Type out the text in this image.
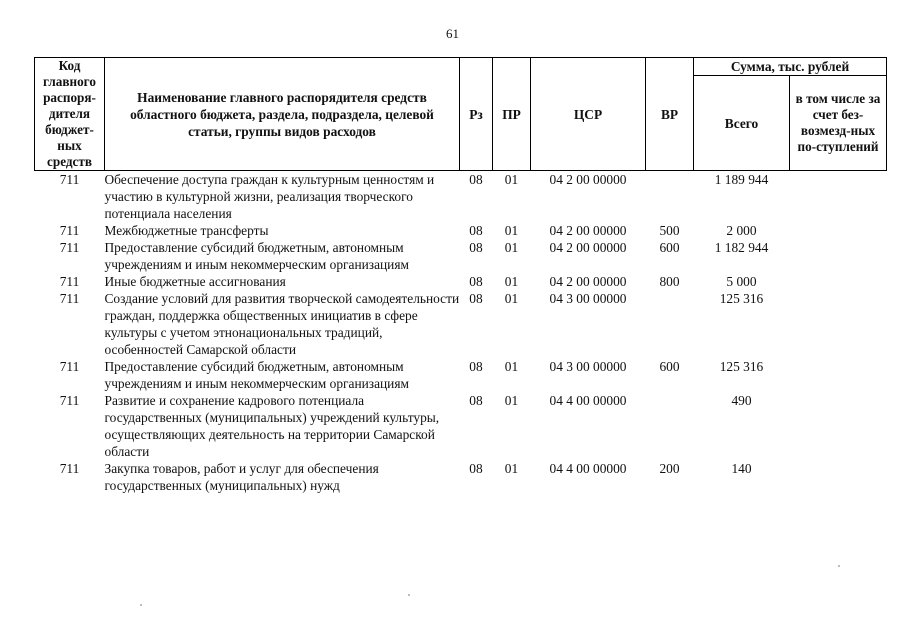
61
Код главного распоря-дителя бюджет-ных средств	Наименование главного распорядителя средств областного бюджета, раздела, подраздела, целевой статьи, группы видов расходов	Рз	ПР	ЦСР	ВР	Сумма, тыс. рублей	
						Всего	в том числе за счет без-возмезд-ных по-ступлений
711	Обеспечение доступа граждан к культурным ценностям и участию в культурной жизни, реализация творческого потенциала населения	08	01	04 2 00 00000		1 189 944	
711	Межбюджетные трансферты	08	01	04 2 00 00000	500	2 000	
711	Предоставление субсидий бюджетным, автономным учреждениям и иным некоммерческим организациям	08	01	04 2 00 00000	600	1 182 944	
711	Иные бюджетные ассигнования	08	01	04 2 00 00000	800	5 000	
711	Создание условий для развития творческой самодеятельности граждан, поддержка общественных инициатив в сфере культуры с учетом этнонациональных традиций, особенностей Самарской области	08	01	04 3 00 00000		125 316	
711	Предоставление субсидий бюджетным, автономным учреждениям и иным некоммерческим организациям	08	01	04 3 00 00000	600	125 316	
711	Развитие и сохранение кадрового потенциала государственных (муниципальных) учреждений культуры, осуществляющих деятельность на территории Самарской области	08	01	04 4 00 00000		490	
711	Закупка товаров, работ и услуг для обеспечения государственных (муниципальных) нужд	08	01	04 4 00 00000	200	140	
